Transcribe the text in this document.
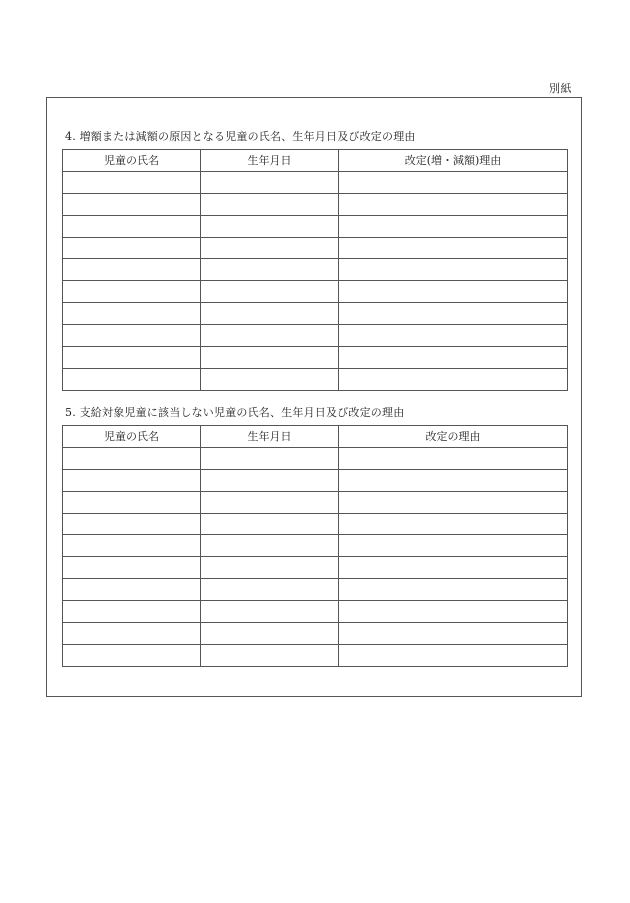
別紙
4. 増額または減額の原因となる児童の氏名、生年月日及び改定の理由
児童の氏名	生年月日	改定(増・減額)理由

5. 支給対象児童に該当しない児童の氏名、生年月日及び改定の理由
児童の氏名	生年月日	改定の理由
